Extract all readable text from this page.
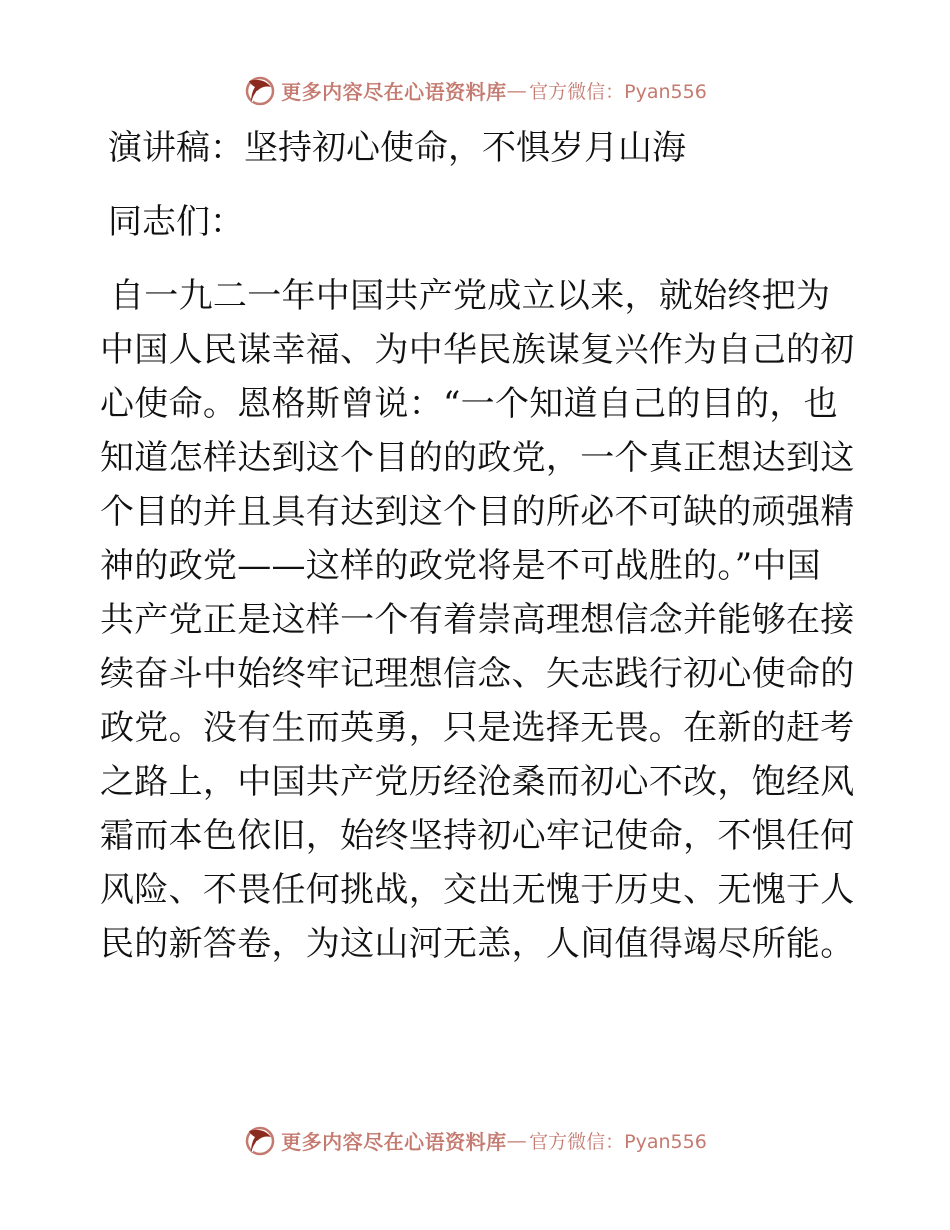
更多内容尽在心语资料库 — 官方微信：Pyan556
演讲稿：坚持初心使命，不惧岁月山海
同志们：
自一九二一年中国共产党成立以来，就始终把为
中国人民谋幸福、为中华民族谋复兴作为自己的初
心使命。恩格斯曾说：“一个知道自己的目的，也
知道怎样达到这个目的的政党，一个真正想达到这
个目的并且具有达到这个目的所必不可缺的顽强精
神的政党——这样的政党将是不可战胜的。”中国
共产党正是这样一个有着崇高理想信念并能够在接
续奋斗中始终牢记理想信念、矢志践行初心使命的
政党。没有生而英勇，只是选择无畏。在新的赶考
之路上，中国共产党历经沧桑而初心不改，饱经风
霜而本色依旧，始终坚持初心牢记使命，不惧任何
风险、不畏任何挑战，交出无愧于历史、无愧于人
民的新答卷，为这山河无恙，人间值得竭尽所能。
更多内容尽在心语资料库 — 官方微信：Pyan556
